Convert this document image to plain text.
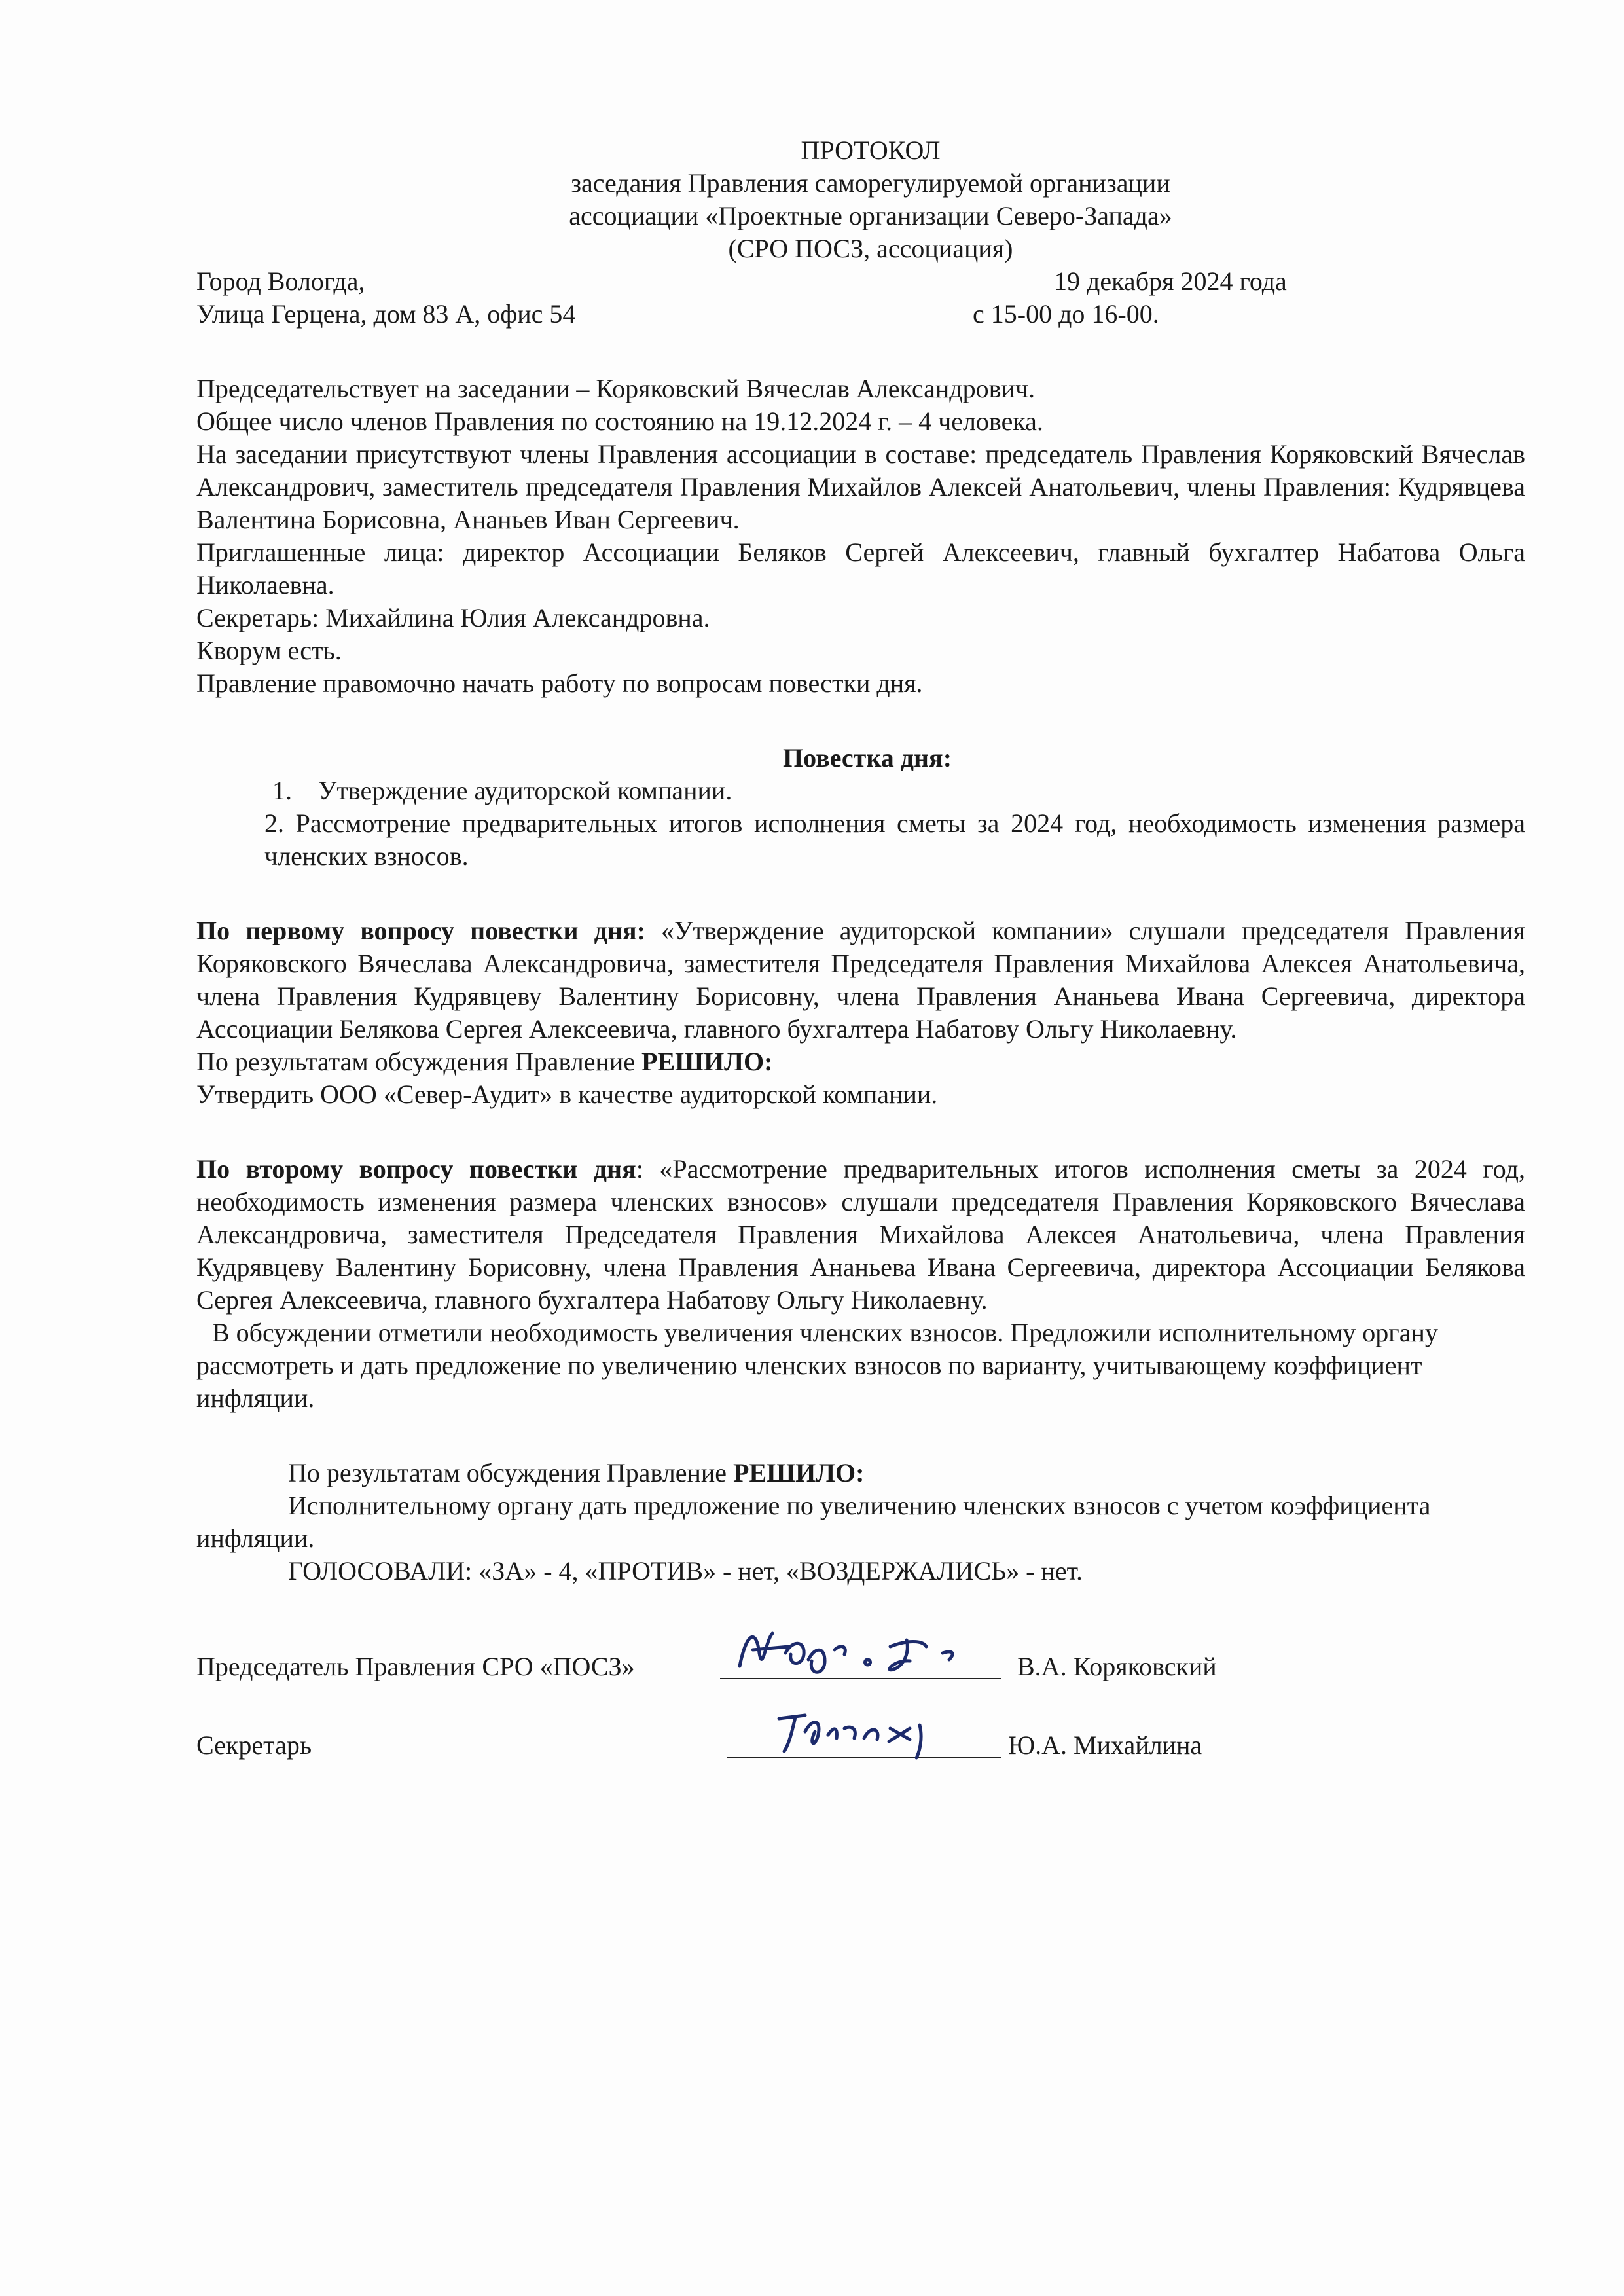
ПРОТОКОЛ

заседания Правления саморегулируемой организации

ассоциации «Проектные организации Северо-Запада»

(СРО ПОСЗ, ассоциация)

Город Вологда,	19 декабря 2024 года
Улица Герцена, дом 83 А, офис 54	с 15-00 до 16-00.

Председательствует на заседании – Коряковский Вячеслав Александрович.

Общее число членов Правления по состоянию на 19.12.2024 г. – 4 человека.

На заседании присутствуют члены Правления ассоциации в составе: председатель Правления Коряковский Вячеслав Александрович, заместитель председателя Правления Михайлов Алексей Анатольевич, члены Правления: Кудрявцева Валентина Борисовна, Ананьев Иван Сергеевич.

Приглашенные лица: директор Ассоциации Беляков Сергей Алексеевич, главный бухгалтер Набатова Ольга Николаевна.

Секретарь: Михайлина Юлия Александровна.

Кворум есть.

Правление правомочно начать работу по вопросам повестки дня.

Повестка дня:

1.    Утверждение аудиторской компании.

2. Рассмотрение предварительных итогов исполнения сметы за 2024 год, необходимость изменения размера членских взносов.

По первому вопросу повестки дня: «Утверждение аудиторской компании» слушали председателя Правления Коряковского Вячеслава Александровича, заместителя Председателя Правления Михайлова Алексея Анатольевича, члена Правления Кудрявцеву Валентину Борисовну, члена Правления Ананьева Ивана Сергеевича, директора Ассоциации Белякова Сергея Алексеевича, главного бухгалтера Набатову Ольгу Николаевну.

По результатам обсуждения Правление РЕШИЛО:

Утвердить ООО «Север-Аудит» в качестве аудиторской компании.

По второму вопросу повестки дня: «Рассмотрение предварительных итогов исполнения сметы за 2024 год, необходимость изменения размера членских взносов» слушали председателя Правления Коряковского Вячеслава Александровича, заместителя Председателя Правления Михайлова Алексея Анатольевича, члена Правления Кудрявцеву Валентину Борисовну, члена Правления Ананьева Ивана Сергеевича, директора Ассоциации Белякова Сергея Алексеевича, главного бухгалтера Набатову Ольгу Николаевну.

В обсуждении отметили необходимость увеличения членских взносов. Предложили исполнительному органу рассмотреть и дать предложение по увеличению членских взносов по варианту, учитывающему коэффициент инфляции.

По результатам обсуждения Правление РЕШИЛО:

Исполнительному органу дать предложение по увеличению членских взносов с учетом коэффициента инфляции.

ГОЛОСОВАЛИ: «ЗА» - 4, «ПРОТИВ» - нет, «ВОЗДЕРЖАЛИСЬ» - нет.

Председатель Правления СРО «ПОСЗ»	В.А. Коряковский
Секретарь	Ю.А. Михайлина
